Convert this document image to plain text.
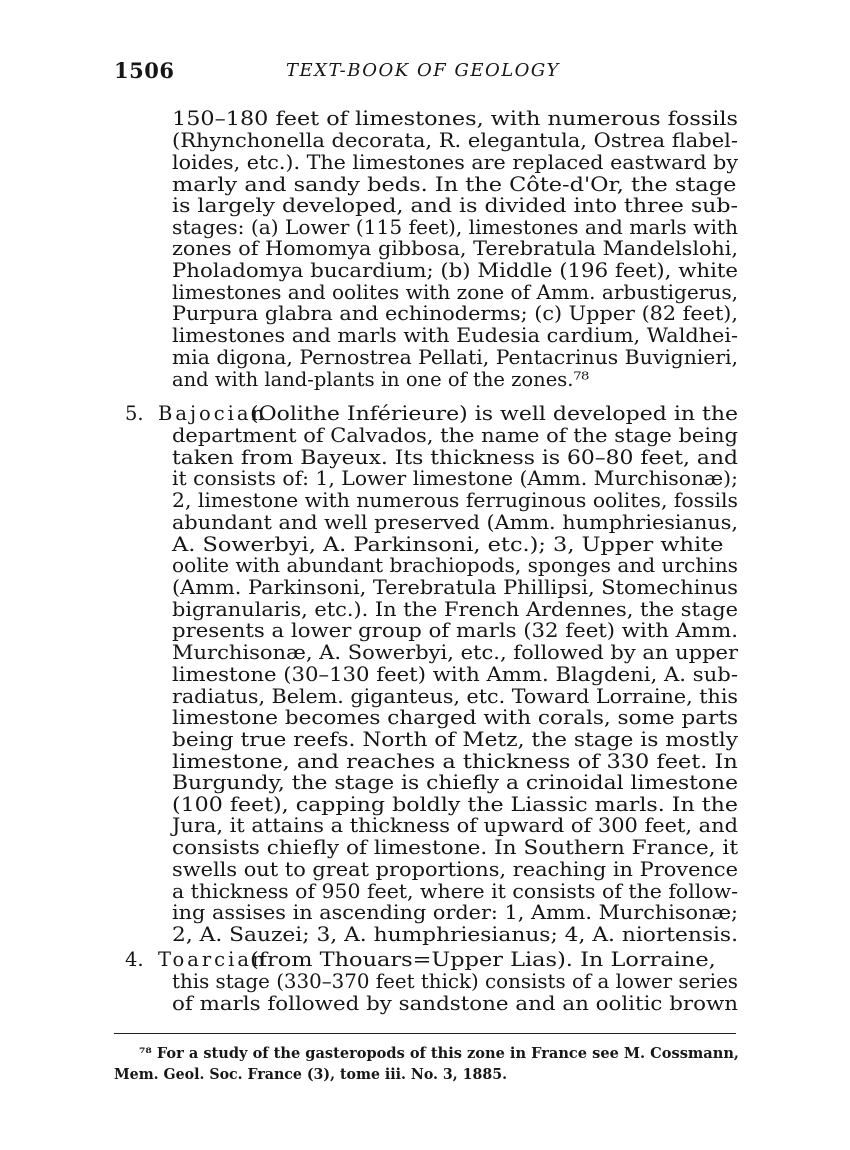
1506	TEXT-BOOK OF GEOLOGY
150–180 feet of limestones, with numerous fossils
(Rhynchonella decorata, R. elegantula, Ostrea flabel-
loides, etc.). The limestones are replaced eastward by
marly and sandy beds. In the Côte-d'Or, the stage
is largely developed, and is divided into three sub-
stages: (a) Lower (115 feet), limestones and marls with
zones of Homomya gibbosa, Terebratula Mandelslohi,
Pholadomya bucardium; (b) Middle (196 feet), white
limestones and oolites with zone of Amm. arbustigerus,
Purpura glabra and echinoderms; (c) Upper (82 feet),
limestones and marls with Eudesia cardium, Waldhei-
mia digona, Pernostrea Pellati, Pentacrinus Buvignieri,
and with land-plants in one of the zones.⁷⁸
(Oolithe Inférieure) is well developed in the
department of Calvados, the name of the stage being
taken from Bayeux. Its thickness is 60–80 feet, and
it consists of: 1, Lower limestone (Amm. Murchisonæ);
2, limestone with numerous ferruginous oolites, fossils
abundant and well preserved (Amm. humphriesianus,
A. Sowerbyi, A. Parkinsoni, etc.); 3, Upper white
oolite with abundant brachiopods, sponges and urchins
(Amm. Parkinsoni, Terebratula Phillipsi, Stomechinus
bigranularis, etc.). In the French Ardennes, the stage
presents a lower group of marls (32 feet) with Amm.
Murchisonæ, A. Sowerbyi, etc., followed by an upper
limestone (30–130 feet) with Amm. Blagdeni, A. sub-
radiatus, Belem. giganteus, etc. Toward Lorraine, this
limestone becomes charged with corals, some parts
being true reefs. North of Metz, the stage is mostly
limestone, and reaches a thickness of 330 feet. In
Burgundy, the stage is chiefly a crinoidal limestone
(100 feet), capping boldly the Liassic marls. In the
Jura, it attains a thickness of upward of 300 feet, and
consists chiefly of limestone. In Southern France, it
swells out to great proportions, reaching in Provence
a thickness of 950 feet, where it consists of the follow-
ing assises in ascending order: 1, Amm. Murchisonæ;
2, A. Sauzei; 3, A. humphriesianus; 4, A. niortensis.
(from Thouars=Upper Lias). In Lorraine,
this stage (330–370 feet thick) consists of a lower series
of marls followed by sandstone and an oolitic brown
5. Bajocian
4. Toarcian
⁷⁸ For a study of the gasteropods of this zone in France see M. Cossmann,
Mem. Geol. Soc. France (3), tome iii. No. 3, 1885.
